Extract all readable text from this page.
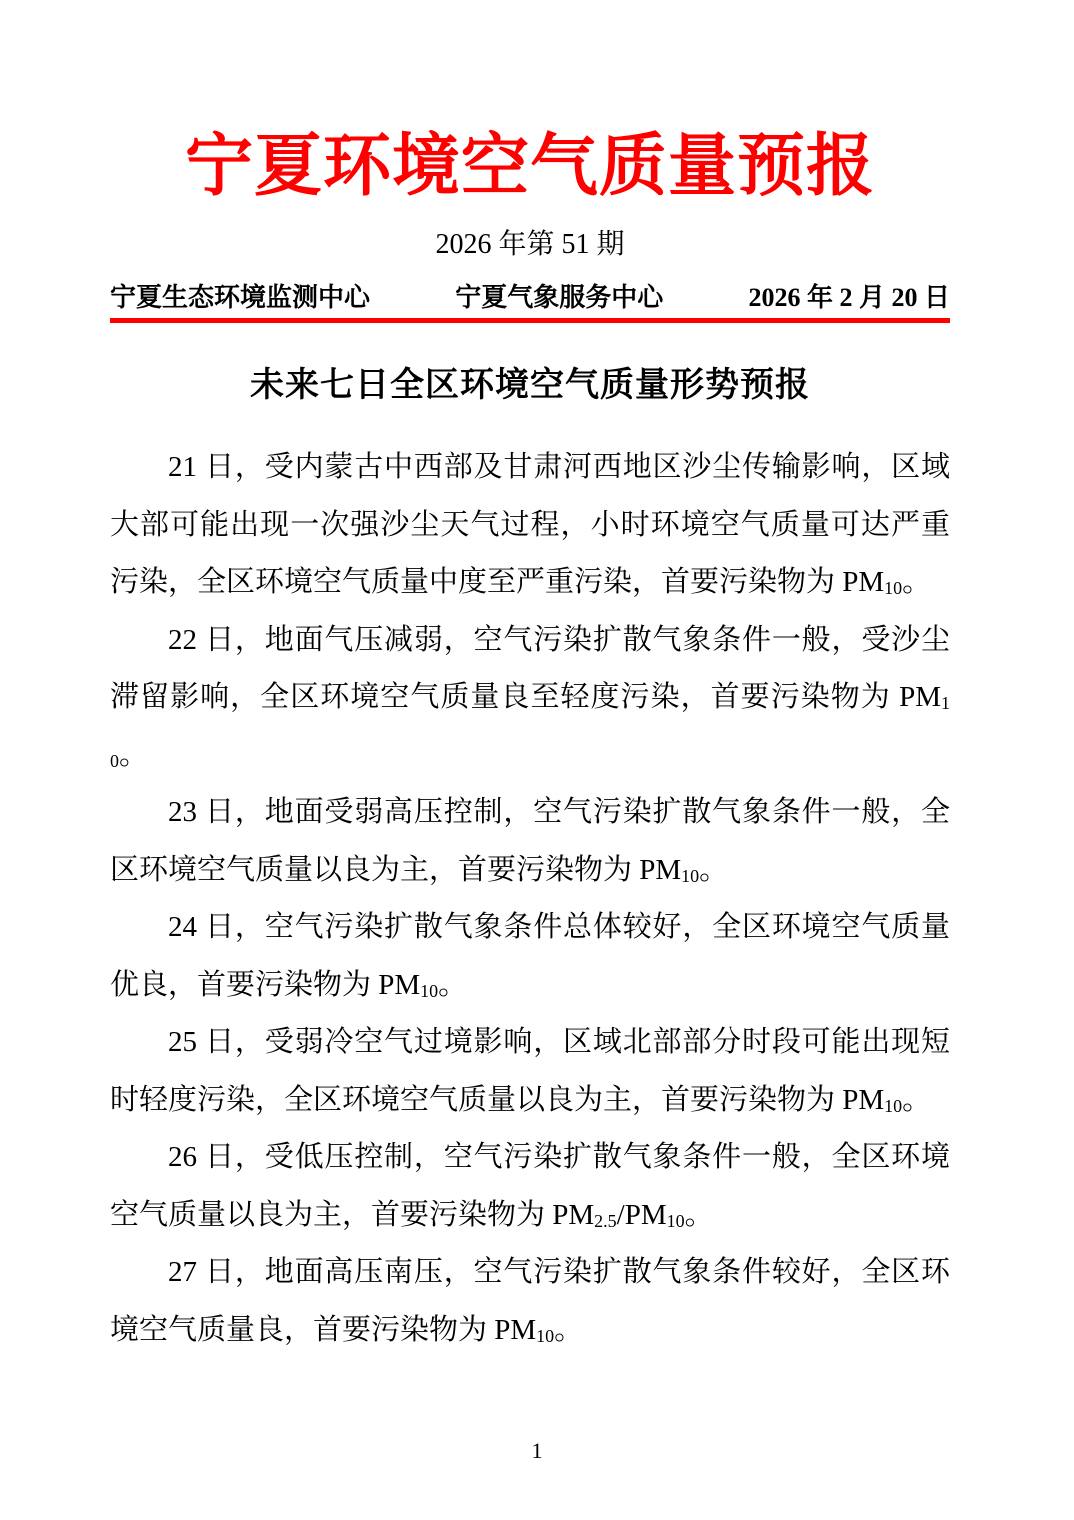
宁夏环境空气质量预报
2026 年第 51 期
宁夏生态环境监测中心	宁夏气象服务中心	2026 年 2 月 20 日
未来七日全区环境空气质量形势预报

21 日，受内蒙古中西部及甘肃河西地区沙尘传输影响，区域大部可能出现一次强沙尘天气过程，小时环境空气质量可达严重污染，全区环境空气质量中度至严重污染，首要污染物为 $PM_{10}$。

22 日，地面气压减弱，空气污染扩散气象条件一般，受沙尘滞留影响，全区环境空气质量良至轻度污染，首要污染物为 $PM_{10}$。

23 日，地面受弱高压控制，空气污染扩散气象条件一般，全区环境空气质量以良为主，首要污染物为 $PM_{10}$。

24 日，空气污染扩散气象条件总体较好，全区环境空气质量优良，首要污染物为 $PM_{10}$。

25 日，受弱冷空气过境影响，区域北部部分时段可能出现短时轻度污染，全区环境空气质量以良为主，首要污染物为 $PM_{10}$。

26 日，受低压控制，空气污染扩散气象条件一般，全区环境空气质量以良为主，首要污染物为 $PM_{2.5}/PM_{10}$。

27 日，地面高压南压，空气污染扩散气象条件较好，全区环境空气质量良，首要污染物为 $PM_{10}$。

1
